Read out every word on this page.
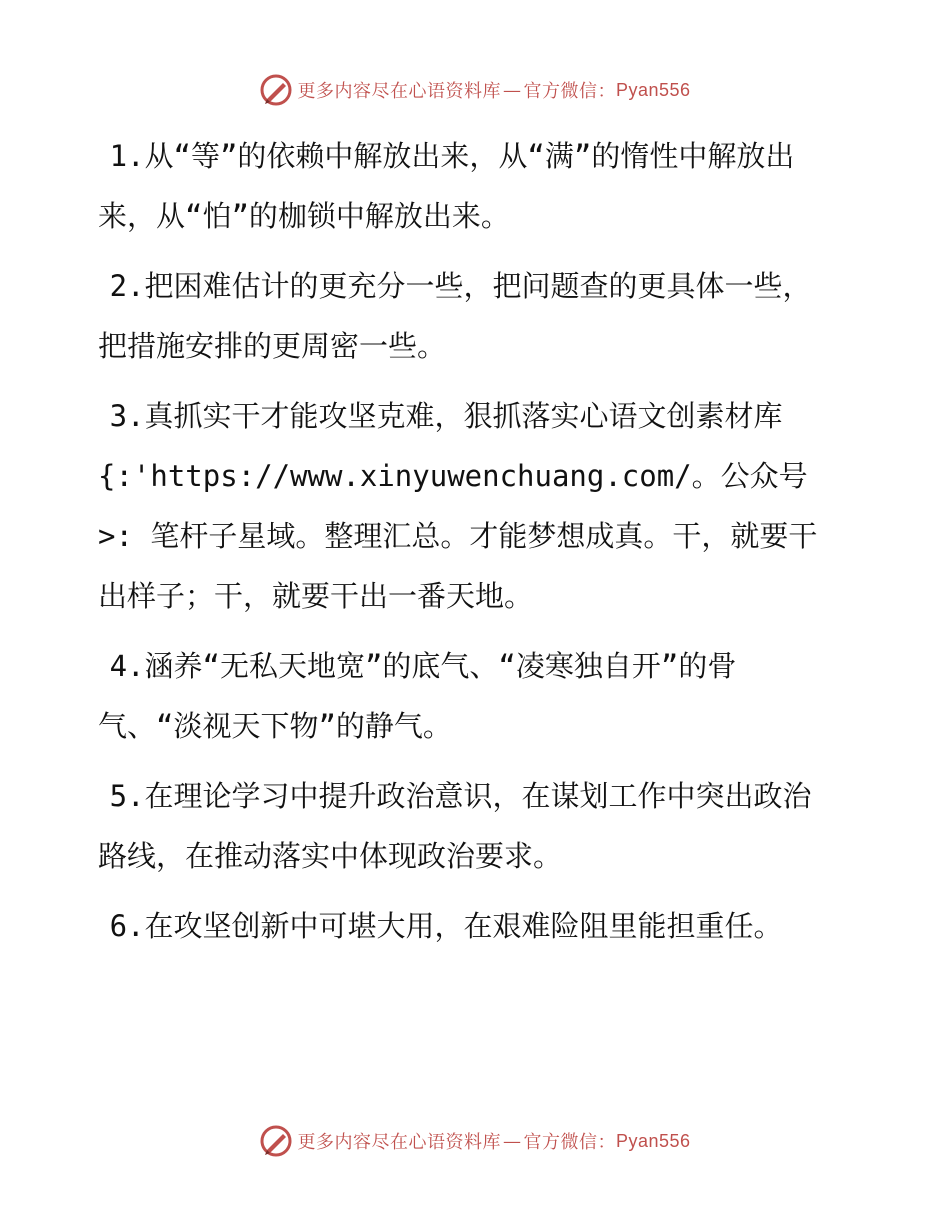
更多内容尽在心语资料库 — 官方微信： Pyan556

1.从“等”的依赖中解放出来，从“满”的惰性中解放出来，从“怕”的枷锁中解放出来。

2.把困难估计的更充分一些，把问题查的更具体一些，把措施安排的更周密一些。

3.真抓实干才能攻坚克难，狠抓落实心语文创素材库{:'https://www.xinyuwenchuang.com/。公众号>: 笔杆子星域。整理汇总。才能梦想成真。干，就要干出样子；干，就要干出一番天地。

4.涵养“无私天地宽”的底气、“凌寒独自开”的骨气、“淡视天下物”的静气。

5.在理论学习中提升政治意识，在谋划工作中突出政治路线，在推动落实中体现政治要求。

6.在攻坚创新中可堪大用，在艰难险阻里能担重任。

更多内容尽在心语资料库 — 官方微信： Pyan556
